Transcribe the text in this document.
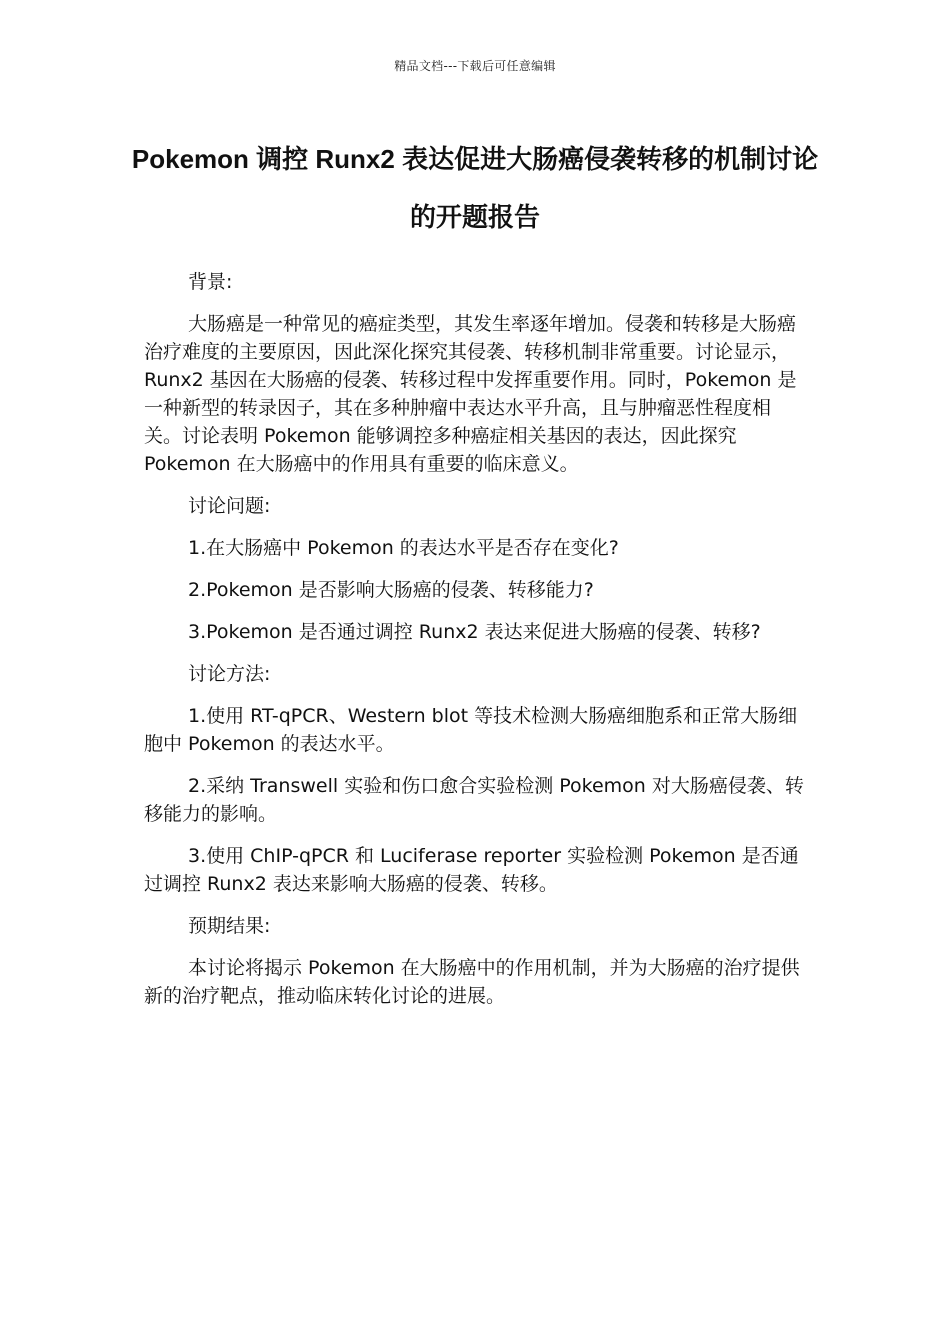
精品文档---下载后可任意编辑
Pokemon 调控 Runx2 表达促进大肠癌侵袭转移的机制讨论的开题报告

背景:

大肠癌是一种常见的癌症类型，其发生率逐年增加。侵袭和转移是大肠癌治疗难度的主要原因，因此深化探究其侵袭、转移机制非常重要。讨论显示，Runx2 基因在大肠癌的侵袭、转移过程中发挥重要作用。同时，Pokemon 是一种新型的转录因子，其在多种肿瘤中表达水平升高，且与肿瘤恶性程度相关。讨论表明 Pokemon 能够调控多种癌症相关基因的表达，因此探究 Pokemon 在大肠癌中的作用具有重要的临床意义。

讨论问题:

1.在大肠癌中 Pokemon 的表达水平是否存在变化?

2.Pokemon 是否影响大肠癌的侵袭、转移能力?

3.Pokemon 是否通过调控 Runx2 表达来促进大肠癌的侵袭、转移?

讨论方法:

1.使用 RT-qPCR、Western blot 等技术检测大肠癌细胞系和正常大肠细胞中 Pokemon 的表达水平。

2.采纳 Transwell 实验和伤口愈合实验检测 Pokemon 对大肠癌侵袭、转移能力的影响。

3.使用 ChIP-qPCR 和 Luciferase reporter 实验检测 Pokemon 是否通过调控 Runx2 表达来影响大肠癌的侵袭、转移。

预期结果:

本讨论将揭示 Pokemon 在大肠癌中的作用机制，并为大肠癌的治疗提供新的治疗靶点，推动临床转化讨论的进展。
